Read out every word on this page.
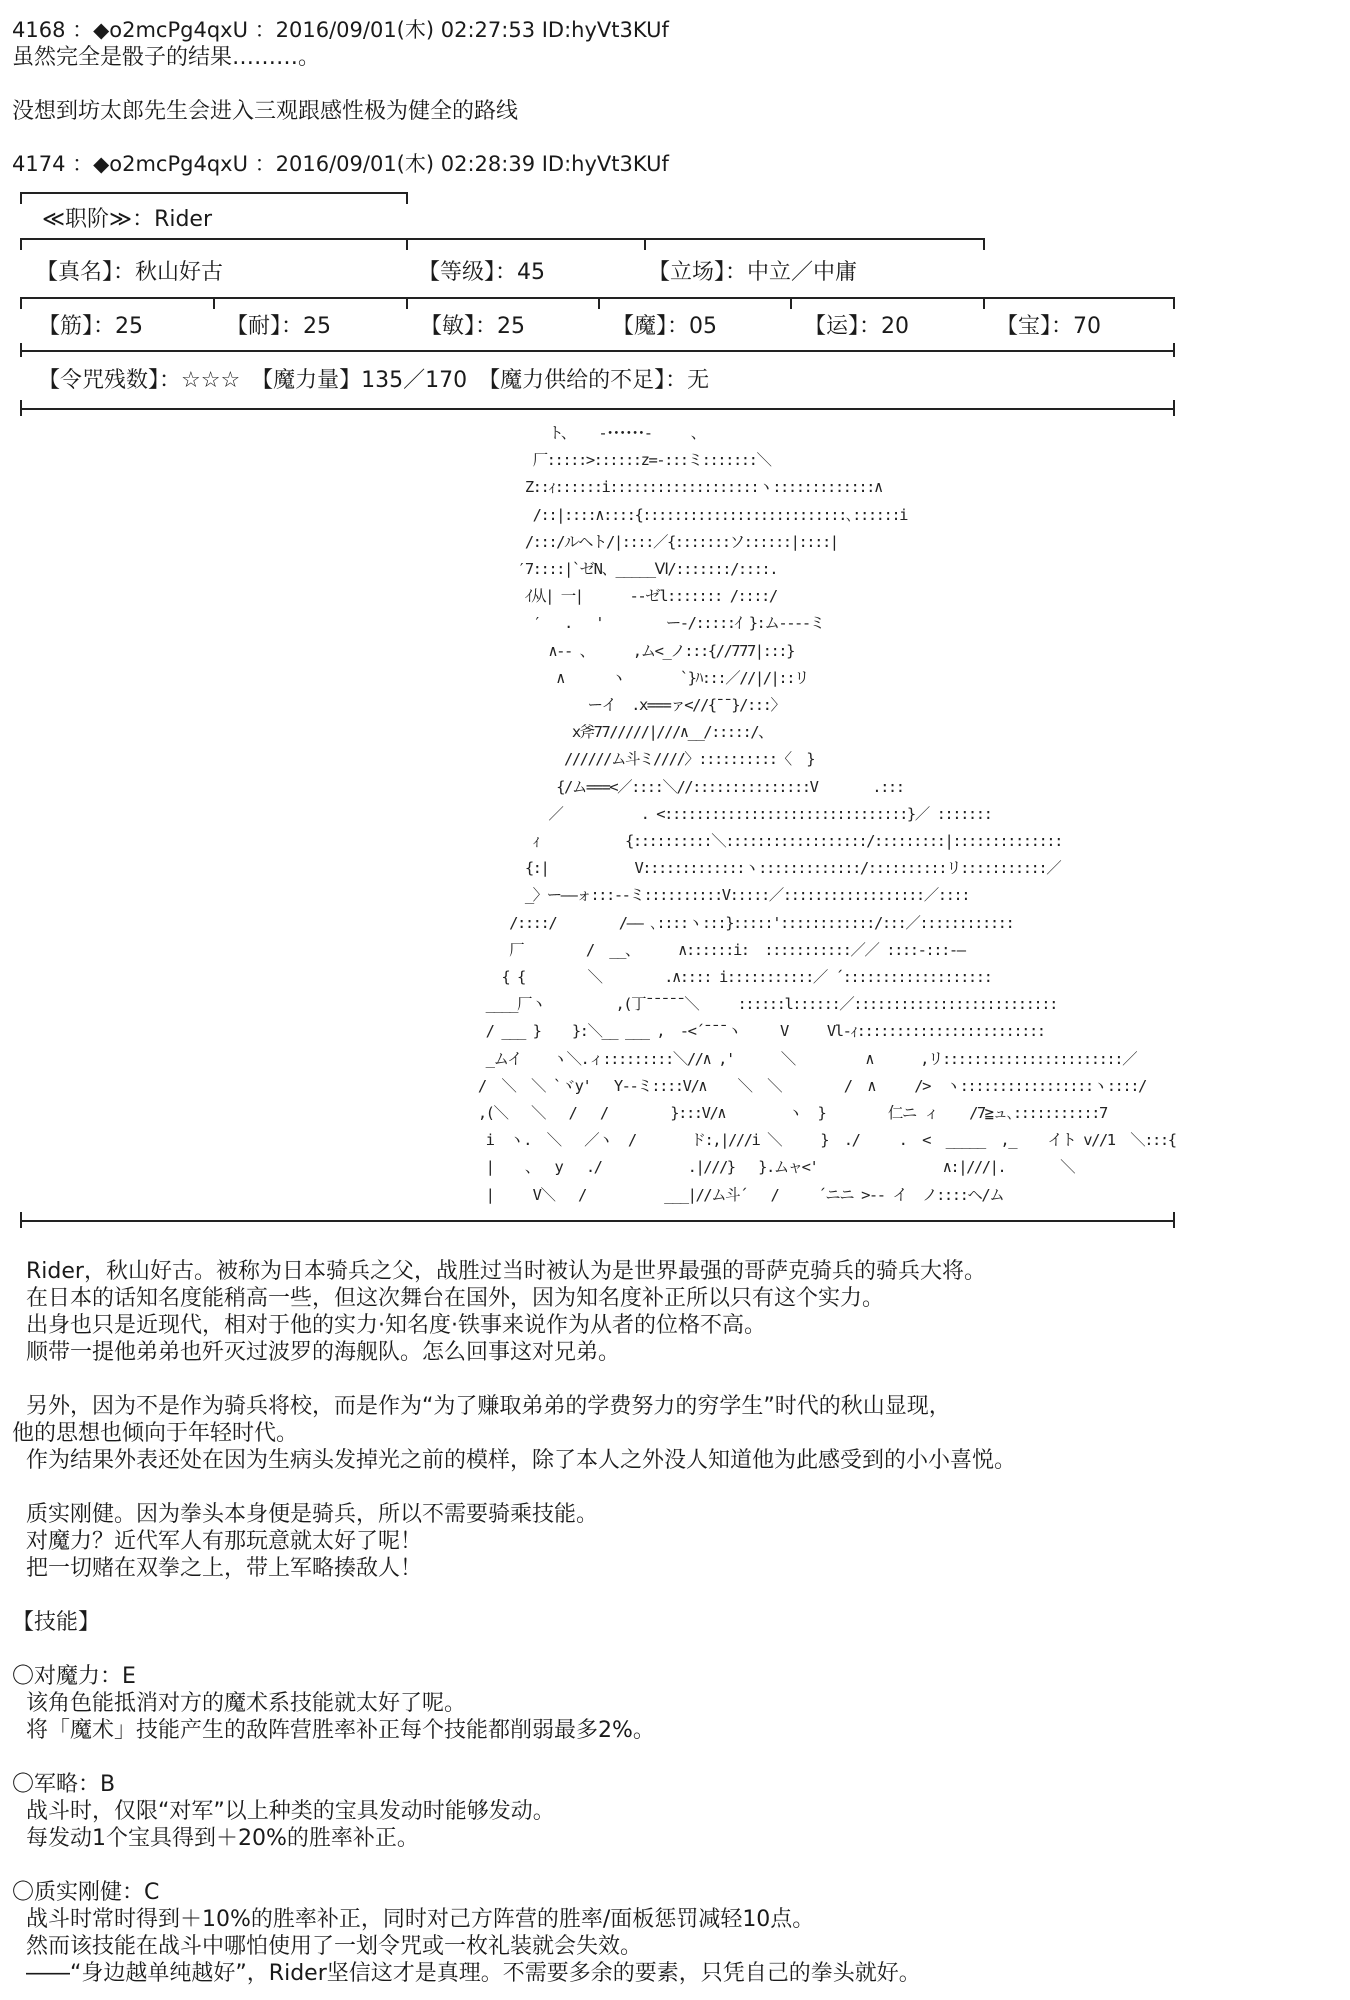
4168 ：◆o2mcPg4qxU ：2016/09/01(木) 02:27:53 ID:hyVt3KUf
虽然完全是骰子的结果………。
没想到坊太郎先生会进入三观跟感性极为健全的路线
4174 ：◆o2mcPg4qxU ：2016/09/01(木) 02:28:39 ID:hyVt3KUf
≪职阶≫：Rider
【真名】：秋山好古	【等级】：45	【立场】：中立／中庸
【筋】：25	【耐】：25	【敏】：25	【魔】：05	【运】：20	【宝】：70
【令咒残数】：☆☆☆　【魔力量】135／170　【魔力供给的不足】：无
ト、   -･･････-     、
厂:::::>::::::z=-:::ミ:::::::＼
Z::ｨ::::::i:::::::::::::::::::ヽ:::::::::::::∧
/::|::::∧::::{::::::::::::::::::::::::::､::::::i
/:::/ルヘト/|::::／{:::::::ソ::::::|::::|
′7::::|`ゼN、_____Ⅵ/:::::::/::::.
ｲ从| 一|      --ゼl::::::: /::::/
′   .   '        ー-/:::::ｲ }:ム----ミ
∧-- 、     ,ム<_ノ:::{//777|:::}
∧      ヽ       `}ﾊ:::／//|/|::リ
ーイ  .x===ァ<//{¯¯}/:::〉
x斧77/////|///∧__/:::::/、
//////ム斗ミ////〉::::::::::〈  }
{/ム===<／::::＼//:::::::::::::::V       .:::
／          . <:::::::::::::::::::::::::::::::}／ :::::::
ｨ           {::::::::::＼::::::::::::::::::/:::::::::|::::::::::::::
{:|           V:::::::::::::ヽ:::::::::::::/::::::::::リ:::::::::::／
_〉ー――ォ:::--ミ::::::::::V:::::／::::::::::::::::::／::::
/::::/        /―― ､::::ヽ:::}:::::'::::::::::::/:::／::::::::::::
厂        /  __、     ∧::::::i:  :::::::::::／／ ::::-:::-―
{ {        ＼        .∧:::: i:::::::::::／ ´:::::::::::::::::::
____厂ヽ         ,(丁¯¯¯¯¯＼     ::::::l::::::／::::::::::::::::::::::::::
/ ___ }    }:＼__ ___ ,  -<´¯¯¯ヽ     V     Vl-ｨ::::::::::::::::::::::::
_ムイ    ヽ＼.ィ:::::::::＼//∧ ,'      ＼         ∧      ,リ:::::::::::::::::::::::／
/  ＼  ＼ `ヾy'   Y--ミ::::V/∧    ＼  ＼        /  ∧     />  ヽ:::::::::::::::::ヽ::::/
,(＼   ＼   /   /        }:::V/∧        ヽ  }        仁ニ ィ    /7≧ュ､:::::::::::7
i  ヽ.  ＼   ／ヽ  /       ド:,|///i ＼     }  ./     .  <  _____  ,_    イト v//1  ＼:::{
|    、  y   ./           .|///}   }.ムャ<'                ∧:|///|.       ＼
|     V＼   /          ___|//ム斗´   /     ´ニニ >-- イ  ノ::::ヘ/ム
Rider，秋山好古。被称为日本骑兵之父，战胜过当时被认为是世界最强的哥萨克骑兵的骑兵大将。
在日本的话知名度能稍高一些，但这次舞台在国外，因为知名度补正所以只有这个实力。
出身也只是近现代，相对于他的实力·知名度·铁事来说作为从者的位格不高。
顺带一提他弟弟也歼灭过波罗的海舰队。怎么回事这对兄弟。
另外，因为不是作为骑兵将校，而是作为“为了赚取弟弟的学费努力的穷学生”时代的秋山显现，
他的思想也倾向于年轻时代。
作为结果外表还处在因为生病头发掉光之前的模样，除了本人之外没人知道他为此感受到的小小喜悦。
质实刚健。因为拳头本身便是骑兵，所以不需要骑乘技能。
对魔力？近代军人有那玩意就太好了呢！
把一切赌在双拳之上，带上军略揍敌人！
【技能】
〇对魔力：E
该角色能抵消对方的魔术系技能就太好了呢。
将「魔术」技能产生的敌阵营胜率补正每个技能都削弱最多2%。
〇军略：B
战斗时，仅限“对军”以上种类的宝具发动时能够发动。
每发动1个宝具得到＋20%的胜率补正。
〇质实刚健：C
战斗时常时得到＋10%的胜率补正，同时对己方阵营的胜率/面板惩罚减轻10点。
然而该技能在战斗中哪怕使用了一划令咒或一枚礼装就会失效。
――“身边越单纯越好”，Rider坚信这才是真理。不需要多余的要素，只凭自己的拳头就好。
